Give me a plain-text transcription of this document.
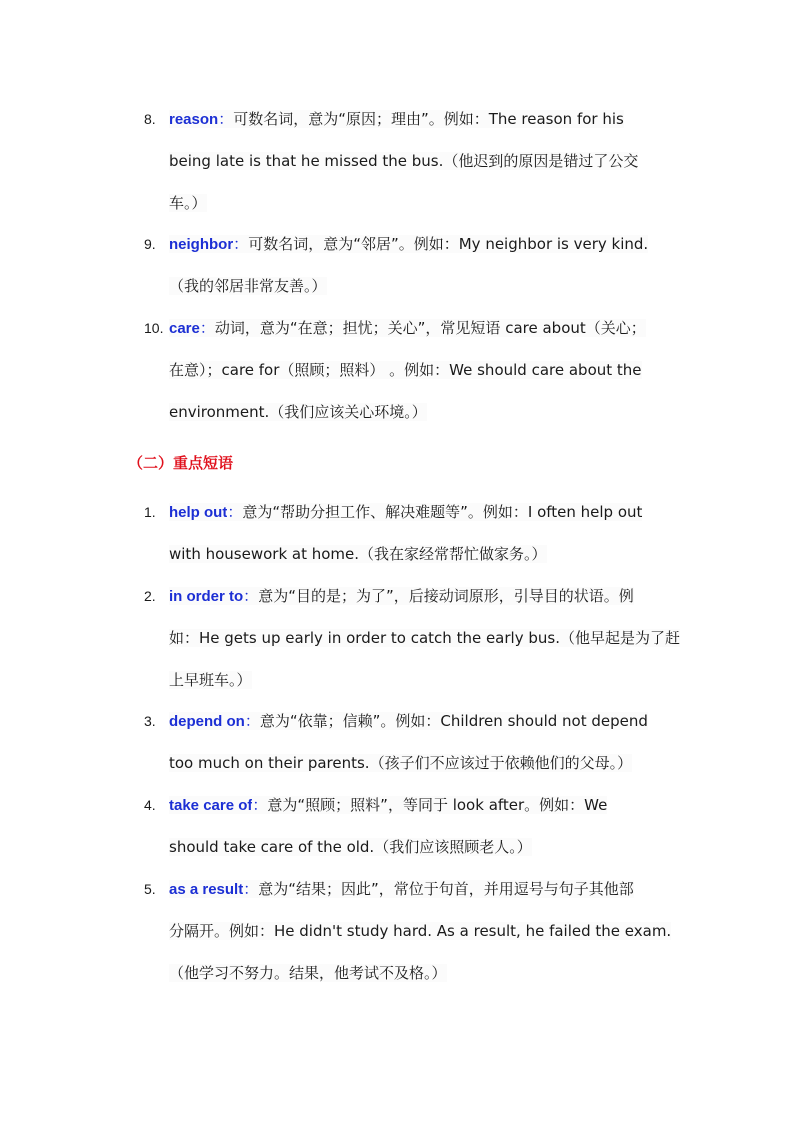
8. reason：可数名词，意为“原因；理由”。例如：The reason for his
being late is that he missed the bus.（他迟到的原因是错过了公交
车。）
9. neighbor：可数名词，意为“邻居”。例如：My neighbor is very kind.
（我的邻居非常友善。）
10. care：动词，意为“在意；担忧；关心”，常见短语 care about（关心；
在意）；care for（照顾；照料） 。例如：We should care about the
environment.（我们应该关心环境。）
（二）重点短语
1. help out：意为“帮助分担工作、解决难题等”。例如：I often help out
with housework at home.（我在家经常帮忙做家务。）
2. in order to：意为“目的是；为了”，后接动词原形，引导目的状语。例
如：He gets up early in order to catch the early bus.（他早起是为了赶
上早班车。）
3. depend on：意为“依靠；信赖”。例如：Children should not depend
too much on their parents.（孩子们不应该过于依赖他们的父母。）
4. take care of：意为“照顾；照料”，等同于 look after。例如：We
should take care of the old.（我们应该照顾老人。）
5. as a result：意为“结果；因此”，常位于句首，并用逗号与句子其他部
分隔开。例如：He didn't study hard. As a result, he failed the exam.
（他学习不努力。结果，他考试不及格。）
